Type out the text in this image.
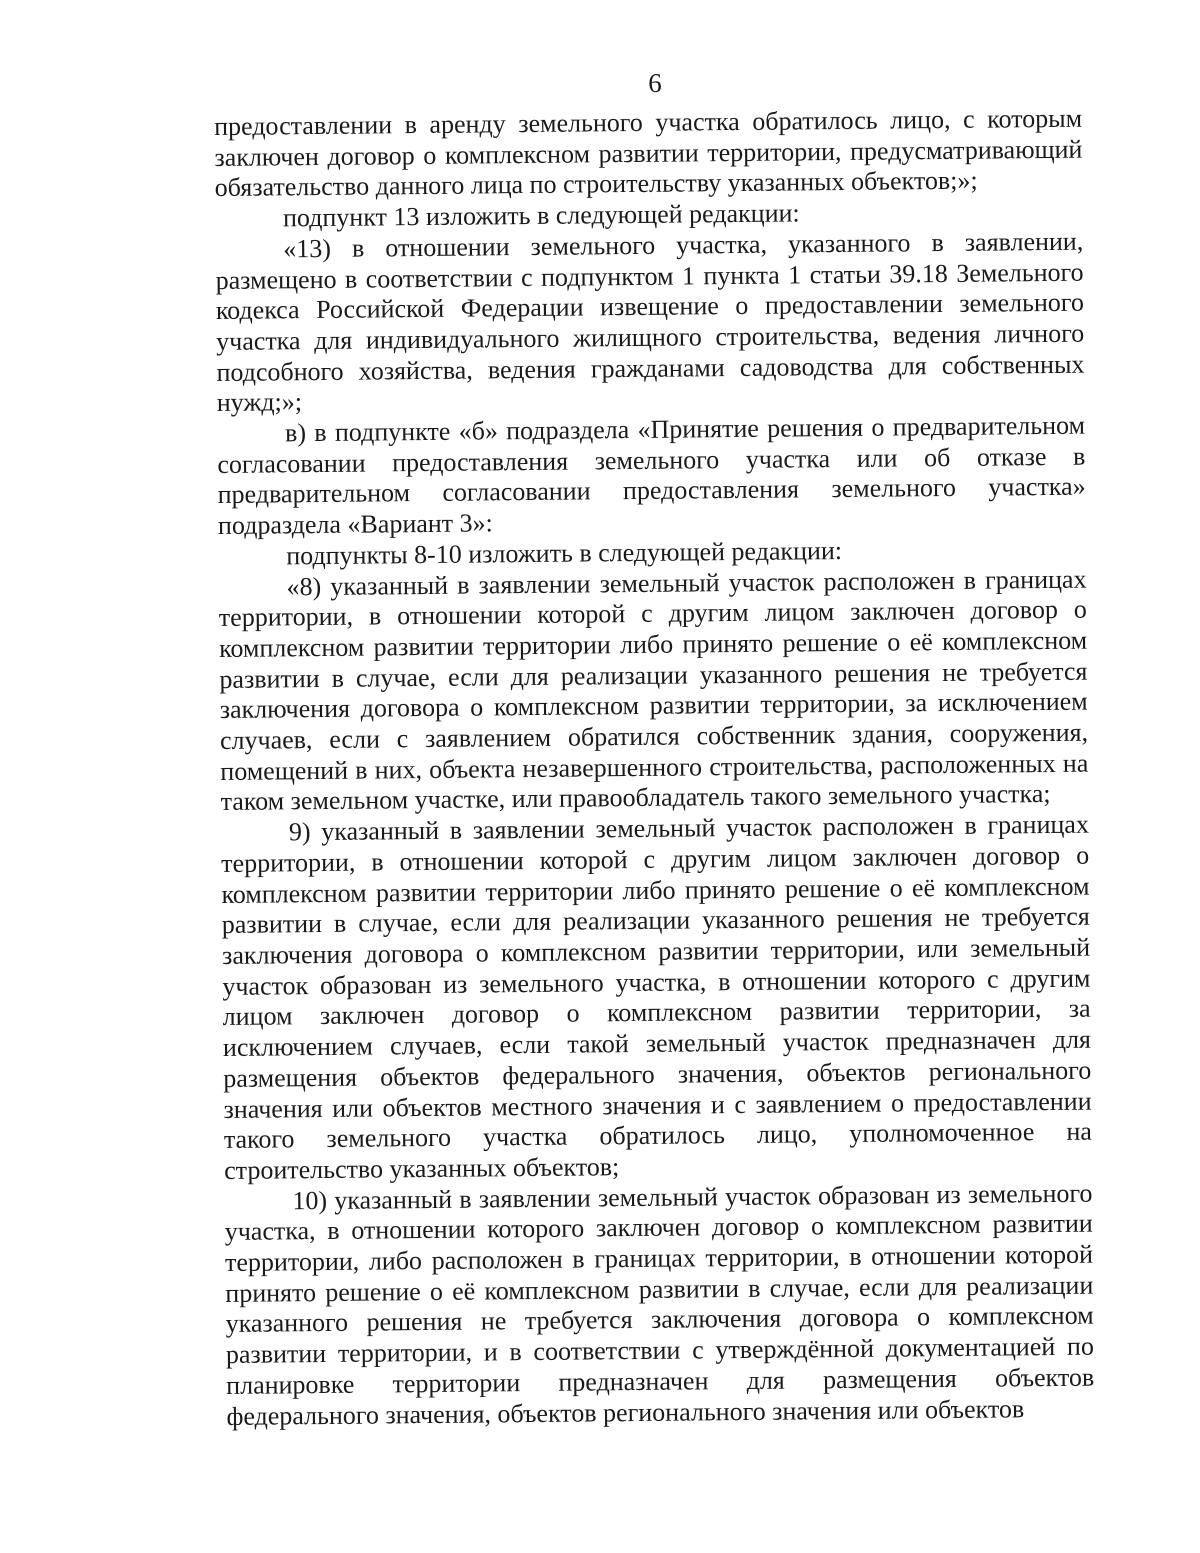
6

предоставлении в аренду земельного участка обратилось лицо, с которым заключен договор о комплексном развитии территории, предусматривающий обязательство данного лица по строительству указанных объектов;»;

подпункт 13 изложить в следующей редакции:

«13) в отношении земельного участка, указанного в заявлении, размещено в соответствии с подпунктом 1 пункта 1 статьи 39.18 Земельного кодекса Российской Федерации извещение о предоставлении земельного участка для индивидуального жилищного строительства, ведения личного подсобного хозяйства, ведения гражданами садоводства для собственных нужд;»;

в) в подпункте «б» подраздела «Принятие решения о предварительном согласовании предоставления земельного участка или об отказе в предварительном согласовании предоставления земельного участка» подраздела «Вариант 3»:

подпункты 8-10 изложить в следующей редакции:

«8) указанный в заявлении земельный участок расположен в границах территории, в отношении которой с другим лицом заключен договор о комплексном развитии территории либо принято решение о её комплексном развитии в случае, если для реализации указанного решения не требуется заключения договора о комплексном развитии территории, за исключением случаев, если с заявлением обратился собственник здания, сооружения, помещений в них, объекта незавершенного строительства, расположенных на таком земельном участке, или правообладатель такого земельного участка;

9) указанный в заявлении земельный участок расположен в границах территории, в отношении которой с другим лицом заключен договор о комплексном развитии территории либо принято решение о её комплексном развитии в случае, если для реализации указанного решения не требуется заключения договора о комплексном развитии территории, или земельный участок образован из земельного участка, в отношении которого с другим лицом заключен договор о комплексном развитии территории, за исключением случаев, если такой земельный участок предназначен для размещения объектов федерального значения, объектов регионального значения или объектов местного значения и с заявлением о предоставлении такого земельного участка обратилось лицо, уполномоченное на строительство указанных объектов;

10) указанный в заявлении земельный участок образован из земельного участка, в отношении которого заключен договор о комплексном развитии территории, либо расположен в границах территории, в отношении которой принято решение о её комплексном развитии в случае, если для реализации указанного решения не требуется заключения договора о комплексном развитии территории, и в соответствии с утверждённой документацией по планировке территории предназначен для размещения объектов федерального значения, объектов регионального значения или объектов
